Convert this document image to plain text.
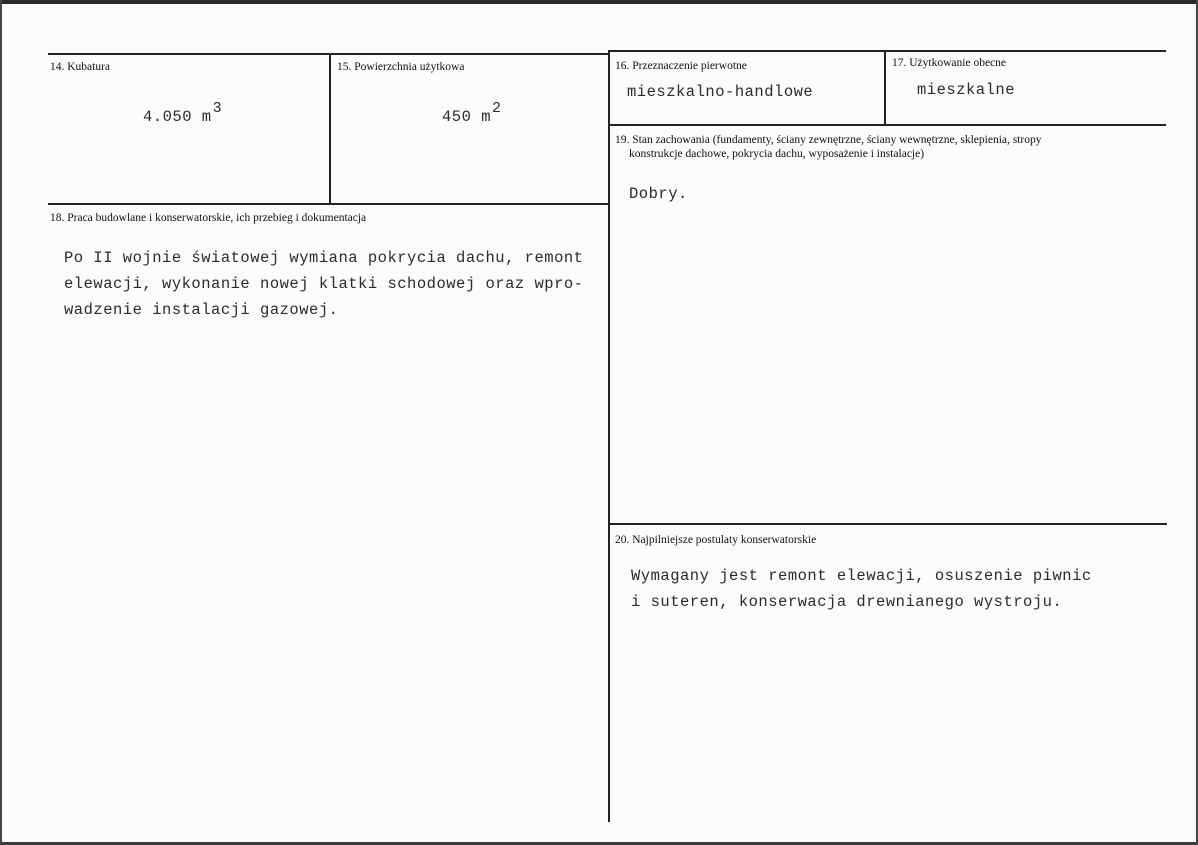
14. Kubatura
4.050 m3
15. Powierzchnia użytkowa
450 m2
16. Przeznaczenie pierwotne
mieszkalno-handlowe
17. Użytkowanie obecne
mieszkalne
18. Praca budowlane i konserwatorskie, ich przebieg i dokumentacja
Po II wojnie światowej wymiana pokrycia dachu, remont
elewacji, wykonanie nowej klatki schodowej oraz wpro-
wadzenie instalacji gazowej.
19. Stan zachowania (fundamenty, ściany zewnętrzne, ściany wewnętrzne, sklepienia, stropy
konstrukcje dachowe, pokrycia dachu, wyposażenie i instalacje)
Dobry.
20. Najpilniejsze postulaty konserwatorskie
Wymagany jest remont elewacji, osuszenie piwnic
i suteren, konserwacja drewnianego wystroju.
